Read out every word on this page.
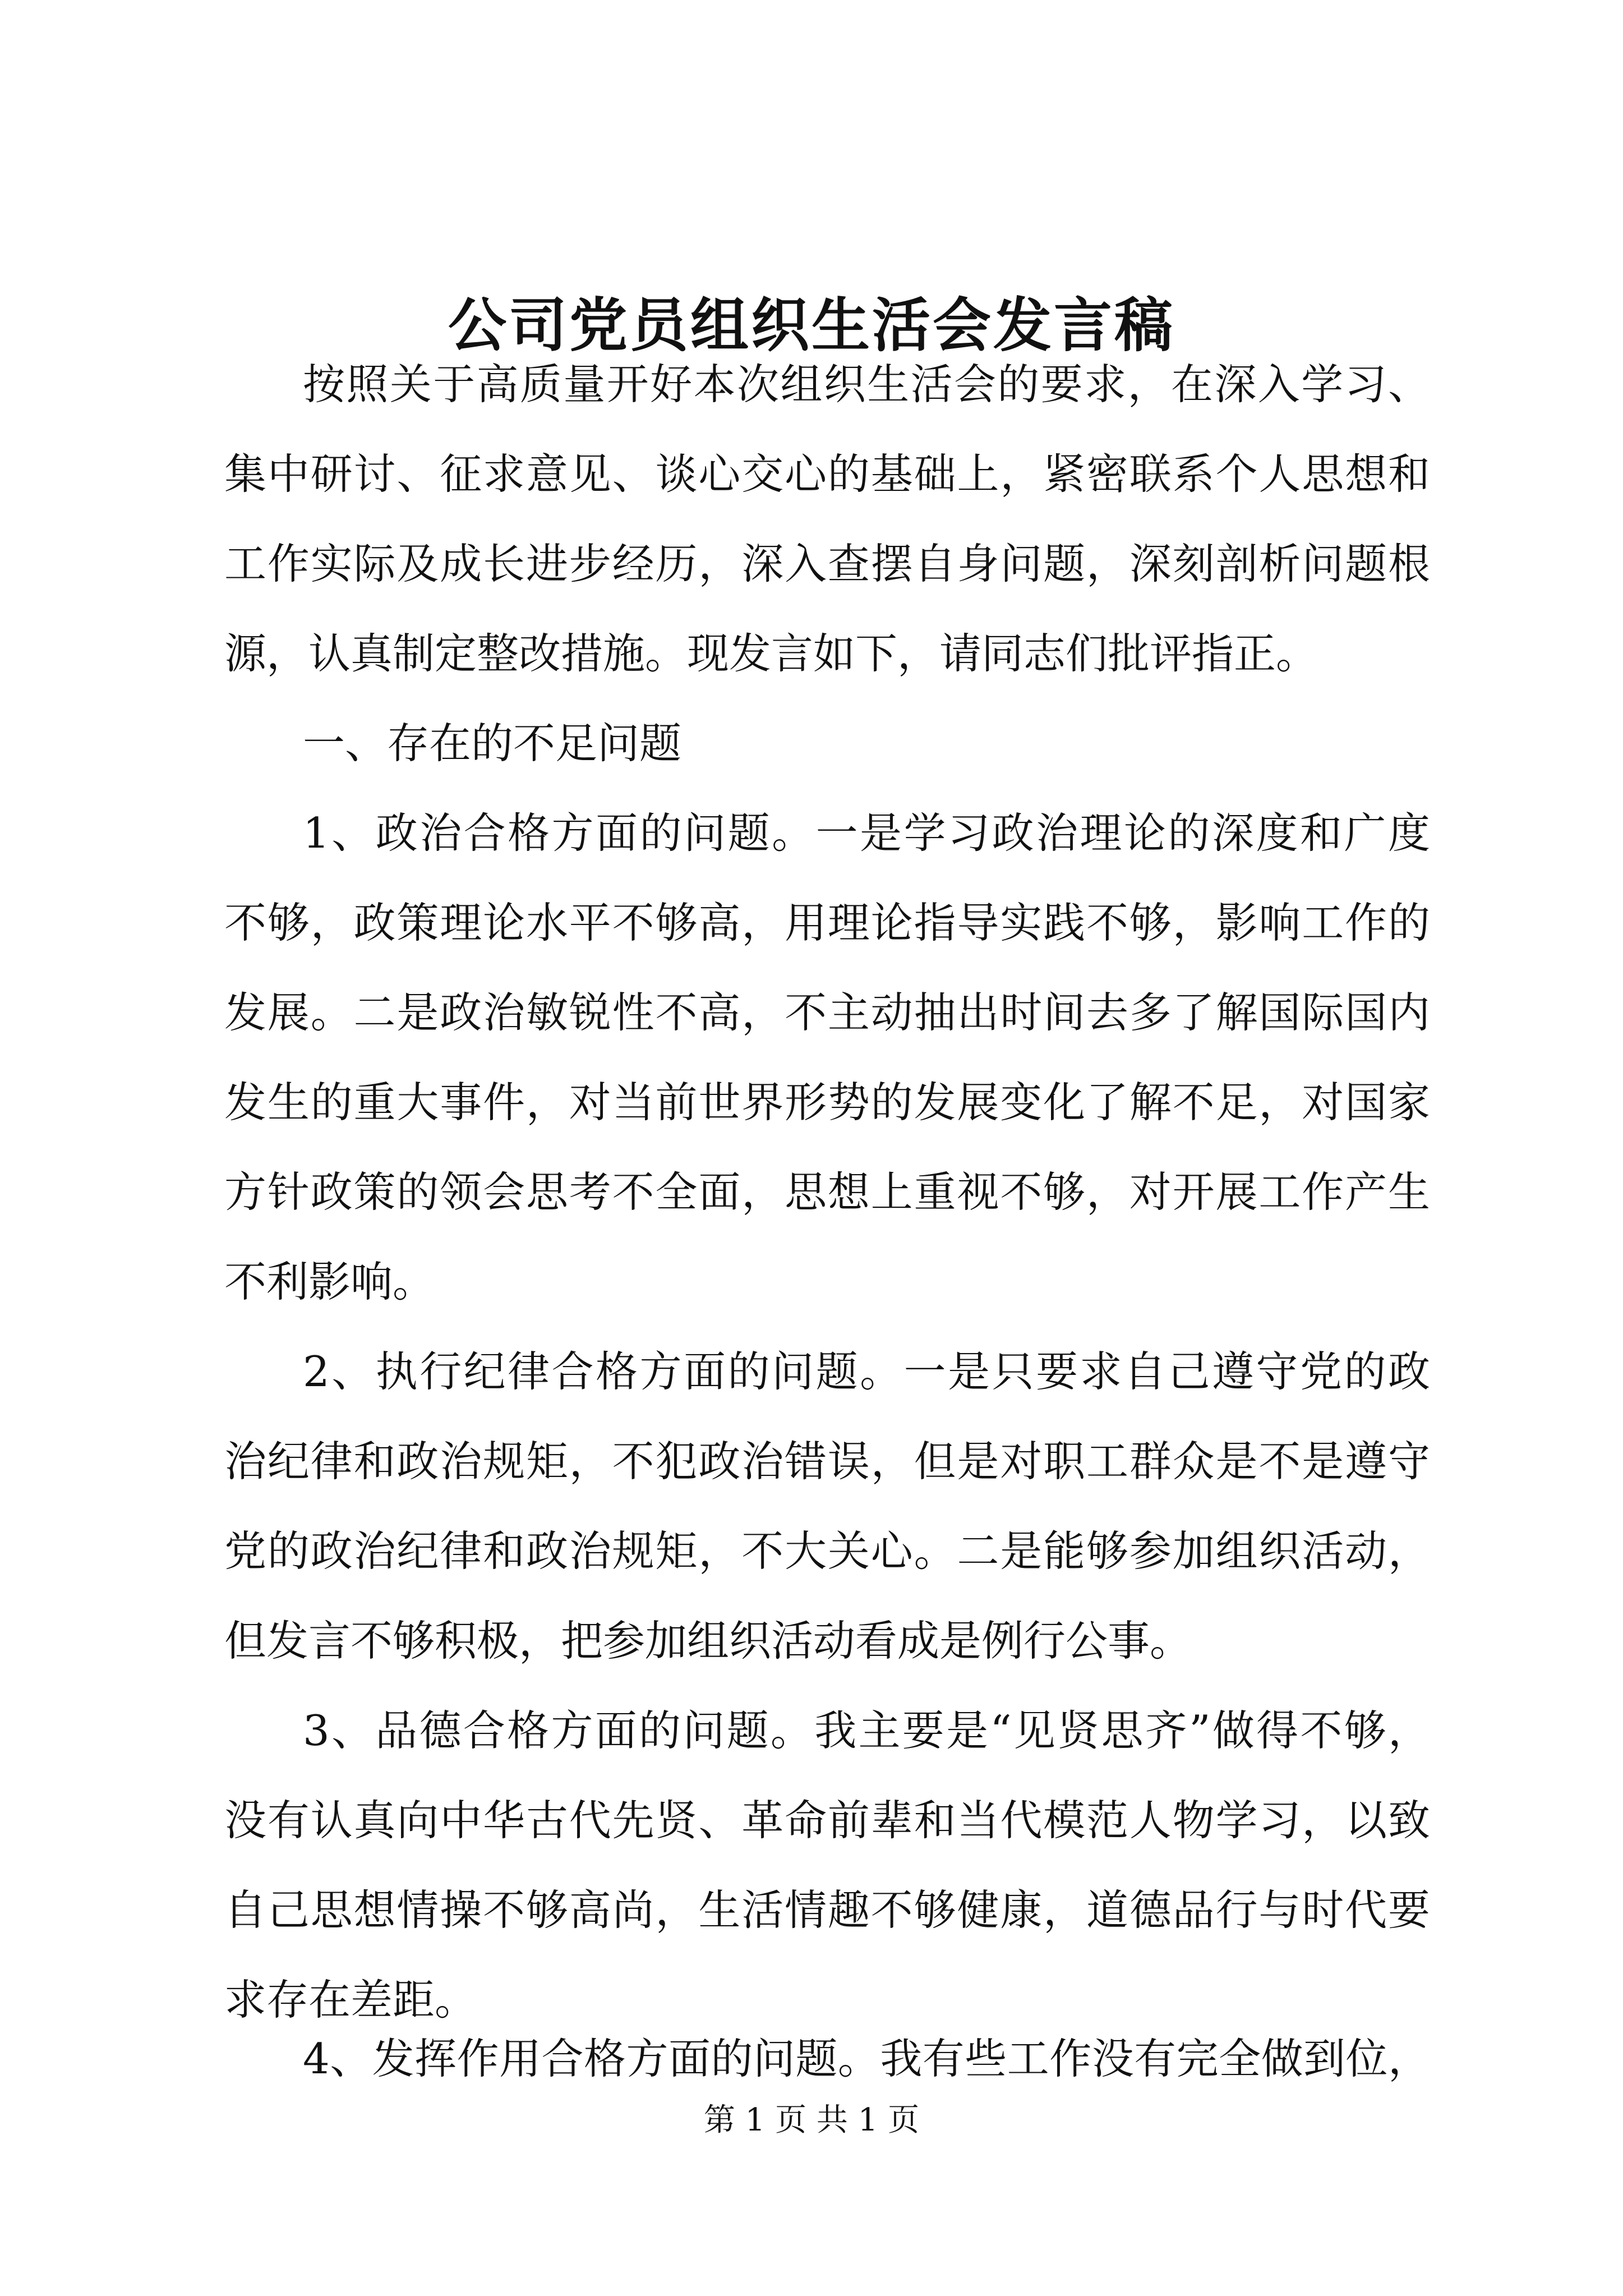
公司党员组织生活会发言稿

按照关于高质量开好本次组织生活会的要求，在深入学习、

集中研讨、征求意见、谈心交心的基础上，紧密联系个人思想和

工作实际及成长进步经历，深入查摆自身问题，深刻剖析问题根

源，认真制定整改措施。现发言如下，请同志们批评指正。

一、存在的不足问题

1、政治合格方面的问题。一是学习政治理论的深度和广度

不够，政策理论水平不够高，用理论指导实践不够，影响工作的

发展。二是政治敏锐性不高，不主动抽出时间去多了解国际国内

发生的重大事件，对当前世界形势的发展变化了解不足，对国家

方针政策的领会思考不全面，思想上重视不够，对开展工作产生

不利影响。

2、执行纪律合格方面的问题。一是只要求自己遵守党的政

治纪律和政治规矩，不犯政治错误，但是对职工群众是不是遵守

党的政治纪律和政治规矩，不大关心。二是能够参加组织活动，

但发言不够积极，把参加组织活动看成是例行公事。

3、品德合格方面的问题。我主要是“见贤思齐”做得不够，

没有认真向中华古代先贤、革命前辈和当代模范人物学习，以致

自己思想情操不够高尚，生活情趣不够健康，道德品行与时代要

求存在差距。

4、发挥作用合格方面的问题。我有些工作没有完全做到位，

第 1 页 共 1 页
